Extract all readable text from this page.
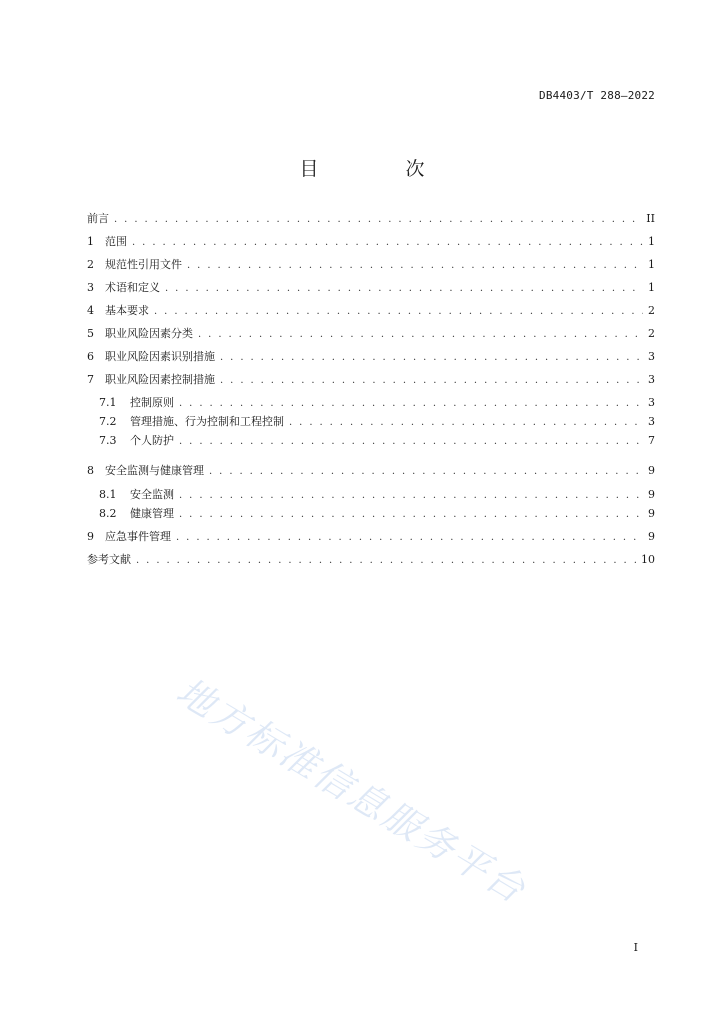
DB4403/T 288—2022
目　次
前言 . . .	II
1	范围 . . .	1
2	规范性引用文件 . . .	1
3	术语和定义 . . .	1
4	基本要求 . . .	2
5	职业风险因素分类 . . .	2
6	职业风险因素识别措施 . . .	3
7	职业风险因素控制措施 . . .	3
7.1	控制原则 . . .	3
7.2	管理措施、行为控制和工程控制 . . .	3
7.3	个人防护 . . .	7
8	安全监测与健康管理 . . .	9
8.1	安全监测 . . .	9
8.2	健康管理 . . .	9
9	应急事件管理 . . .	9
参考文献 . . .	10
地方标准信息服务平台
I
